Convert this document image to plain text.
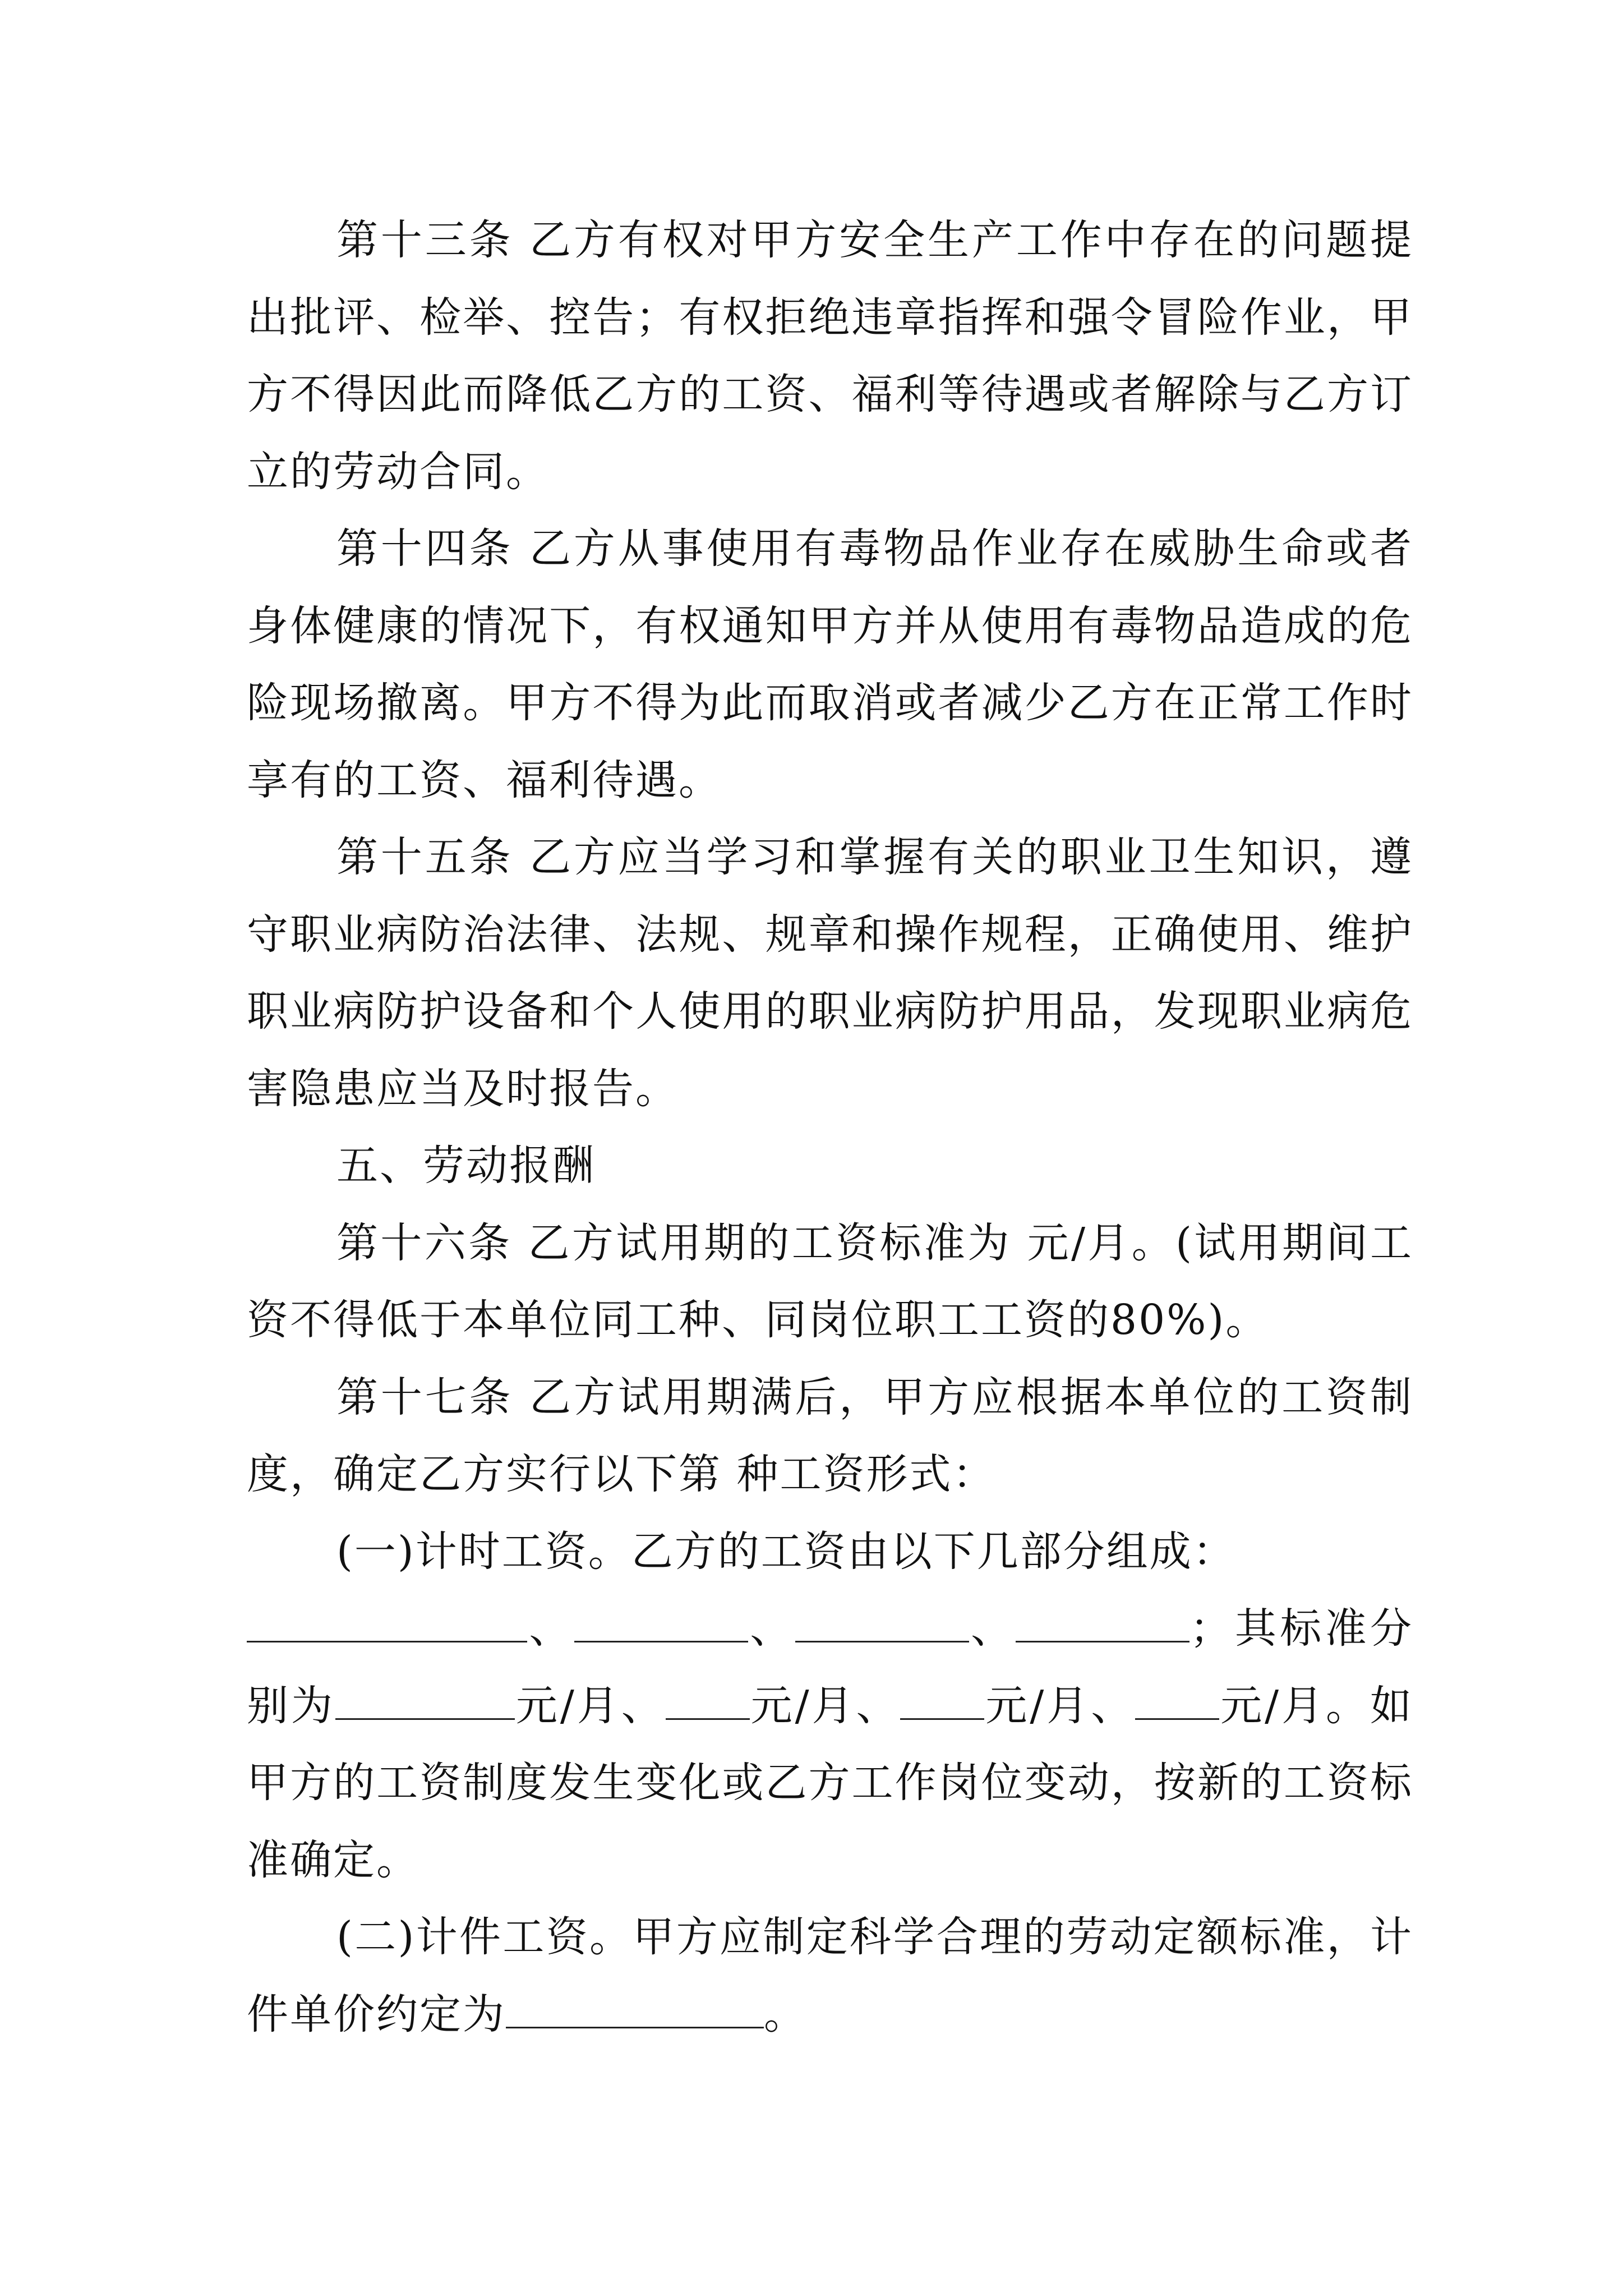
第十三条 乙方有权对甲方安全生产工作中存在的问题提出批评、检举、控告；有权拒绝违章指挥和强令冒险作业，甲方不得因此而降低乙方的工资、福利等待遇或者解除与乙方订立的劳动合同。

第十四条 乙方从事使用有毒物品作业存在威胁生命或者身体健康的情况下，有权通知甲方并从使用有毒物品造成的危险现场撤离。甲方不得为此而取消或者减少乙方在正常工作时享有的工资、福利待遇。

第十五条 乙方应当学习和掌握有关的职业卫生知识，遵守职业病防治法律、法规、规章和操作规程，正确使用、维护职业病防护设备和个人使用的职业病防护用品，发现职业病危害隐患应当及时报告。

五、劳动报酬

第十六条 乙方试用期的工资标准为 元/月。(试用期间工资不得低于本单位同工种、同岗位职工工资的80%)。

第十七条 乙方试用期满后，甲方应根据本单位的工资制度，确定乙方实行以下第 种工资形式：

(一)计时工资。乙方的工资由以下几部分组成：

、	、	、	；其标准分别为	元/月、 元/月、 元/月、 元/月。如甲方的工资制度发生变化或乙方工作岗位变动，按新的工资标准确定。

(二)计件工资。甲方应制定科学合理的劳动定额标准，计件单价约定为	。
